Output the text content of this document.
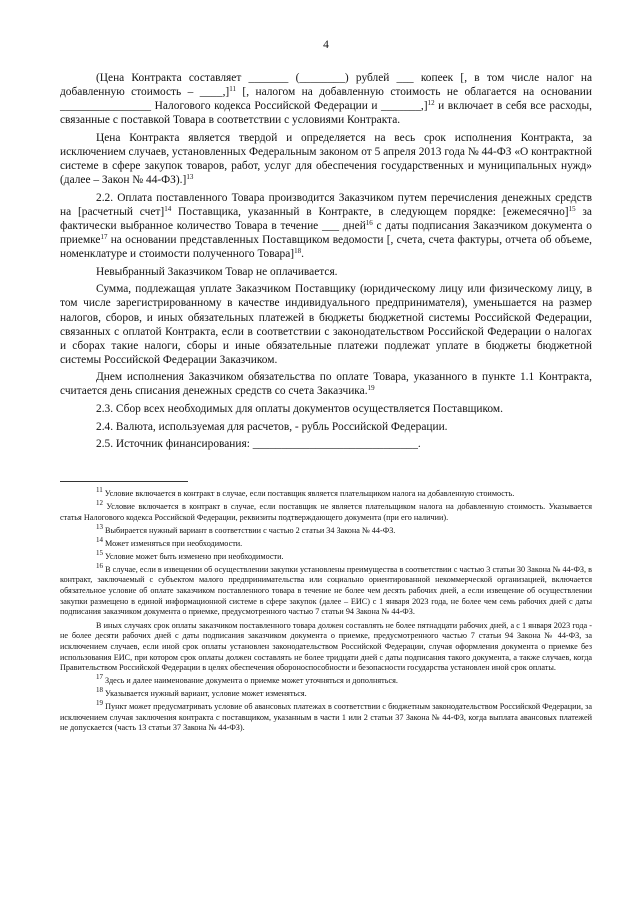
4

(Цена Контракта составляет _______ (________) рублей ___ копеек [, в том числе налог на добавленную стоимость – ____,]$^{11}$ [, налогом на добавленную стоимость не облагается на основании ________________ Налогового кодекса Российской Федерации и _______,]$^{12}$ и включает в себя все расходы, связанные с поставкой Товара в соответствии с условиями Контракта.

Цена Контракта является твердой и определяется на весь срок исполнения Контракта, за исключением случаев, установленных Федеральным законом от 5 апреля 2013 года № 44-ФЗ «О контрактной системе в сфере закупок товаров, работ, услуг для обеспечения государственных и муниципальных нужд» (далее – Закон № 44-ФЗ).]$^{13}$

2.2. Оплата поставленного Товара производится Заказчиком путем перечисления денежных средств на [расчетный счет]$^{14}$ Поставщика, указанный в Контракте, в следующем порядке: [ежемесячно]$^{15}$ за фактически выбранное количество Товара в течение ___ дней$^{16}$ с даты подписания Заказчиком документа о приемке$^{17}$ на основании представленных Поставщиком ведомости [, счета, счета фактуры, отчета об объеме, номенклатуре и стоимости полученного Товара]$^{18}$.

Невыбранный Заказчиком Товар не оплачивается.

Сумма, подлежащая уплате Заказчиком Поставщику (юридическому лицу или физическому лицу, в том числе зарегистрированному в качестве индивидуального предпринимателя), уменьшается на размер налогов, сборов, и иных обязательных платежей в бюджеты бюджетной системы Российской Федерации, связанных с оплатой Контракта, если в соответствии с законодательством Российской Федерации о налогах и сборах такие налоги, сборы и иные обязательные платежи подлежат уплате в бюджеты бюджетной системы Российской Федерации Заказчиком.

Днем исполнения Заказчиком обязательства по оплате Товара, указанного в пункте 1.1 Контракта, считается день списания денежных средств со счета Заказчика.$^{19}$

2.3. Сбор всех необходимых для оплаты документов осуществляется Поставщиком.

2.4. Валюта, используемая для расчетов, - рубль Российской Федерации.

2.5. Источник финансирования: _____________________________.

$^{11}$ Условие включается в контракт в случае, если поставщик является плательщиком налога на добавленную стоимость.

$^{12}$ Условие включается в контракт в случае, если поставщик не является плательщиком налога на добавленную стоимость. Указывается статья Налогового кодекса Российской Федерации, реквизиты подтверждающего документа (при его наличии).

$^{13}$ Выбирается нужный вариант в соответствии с частью 2 статьи 34 Закона № 44-ФЗ.

$^{14}$ Может изменяться при необходимости.

$^{15}$ Условие может быть изменено при необходимости.

$^{16}$ В случае, если в извещении об осуществлении закупки установлены преимущества в соответствии с частью 3 статьи 30 Закона № 44-ФЗ, в контракт, заключаемый с субъектом малого предпринимательства или социально ориентированной некоммерческой организацией, включается обязательное условие об оплате заказчиком поставленного товара в течение не более чем десять рабочих дней, а если извещение об осуществлении закупки размещено в единой информационной системе в сфере закупок (далее – ЕИС) с 1 января 2023 года, не более чем семь рабочих дней с даты подписания заказчиком документа о приемке, предусмотренного частью 7 статьи 94 Закона № 44-ФЗ.

В иных случаях срок оплаты заказчиком поставленного товара должен составлять не более пятнадцати рабочих дней, а с 1 января 2023 года - не более десяти рабочих дней с даты подписания заказчиком документа о приемке, предусмотренного частью 7 статьи 94 Закона № 44-ФЗ, за исключением случаев, если иной срок оплаты установлен законодательством Российской Федерации, случая оформления документа о приемке без использования ЕИС, при котором срок оплаты должен составлять не более тридцати дней с даты подписания такого документа, а также случаев, когда Правительством Российской Федерации в целях обеспечения обороноспособности и безопасности государства установлен иной срок оплаты.

$^{17}$ Здесь и далее наименование документа о приемке может уточняться и дополняться.

$^{18}$ Указывается нужный вариант, условие может изменяться.

$^{19}$ Пункт может предусматривать условие об авансовых платежах в соответствии с бюджетным законодательством Российской Федерации, за исключением случая заключения контракта с поставщиком, указанным в части 1 или 2 статьи 37 Закона № 44-ФЗ, когда выплата авансовых платежей не допускается (часть 13 статьи 37 Закона № 44-ФЗ).
